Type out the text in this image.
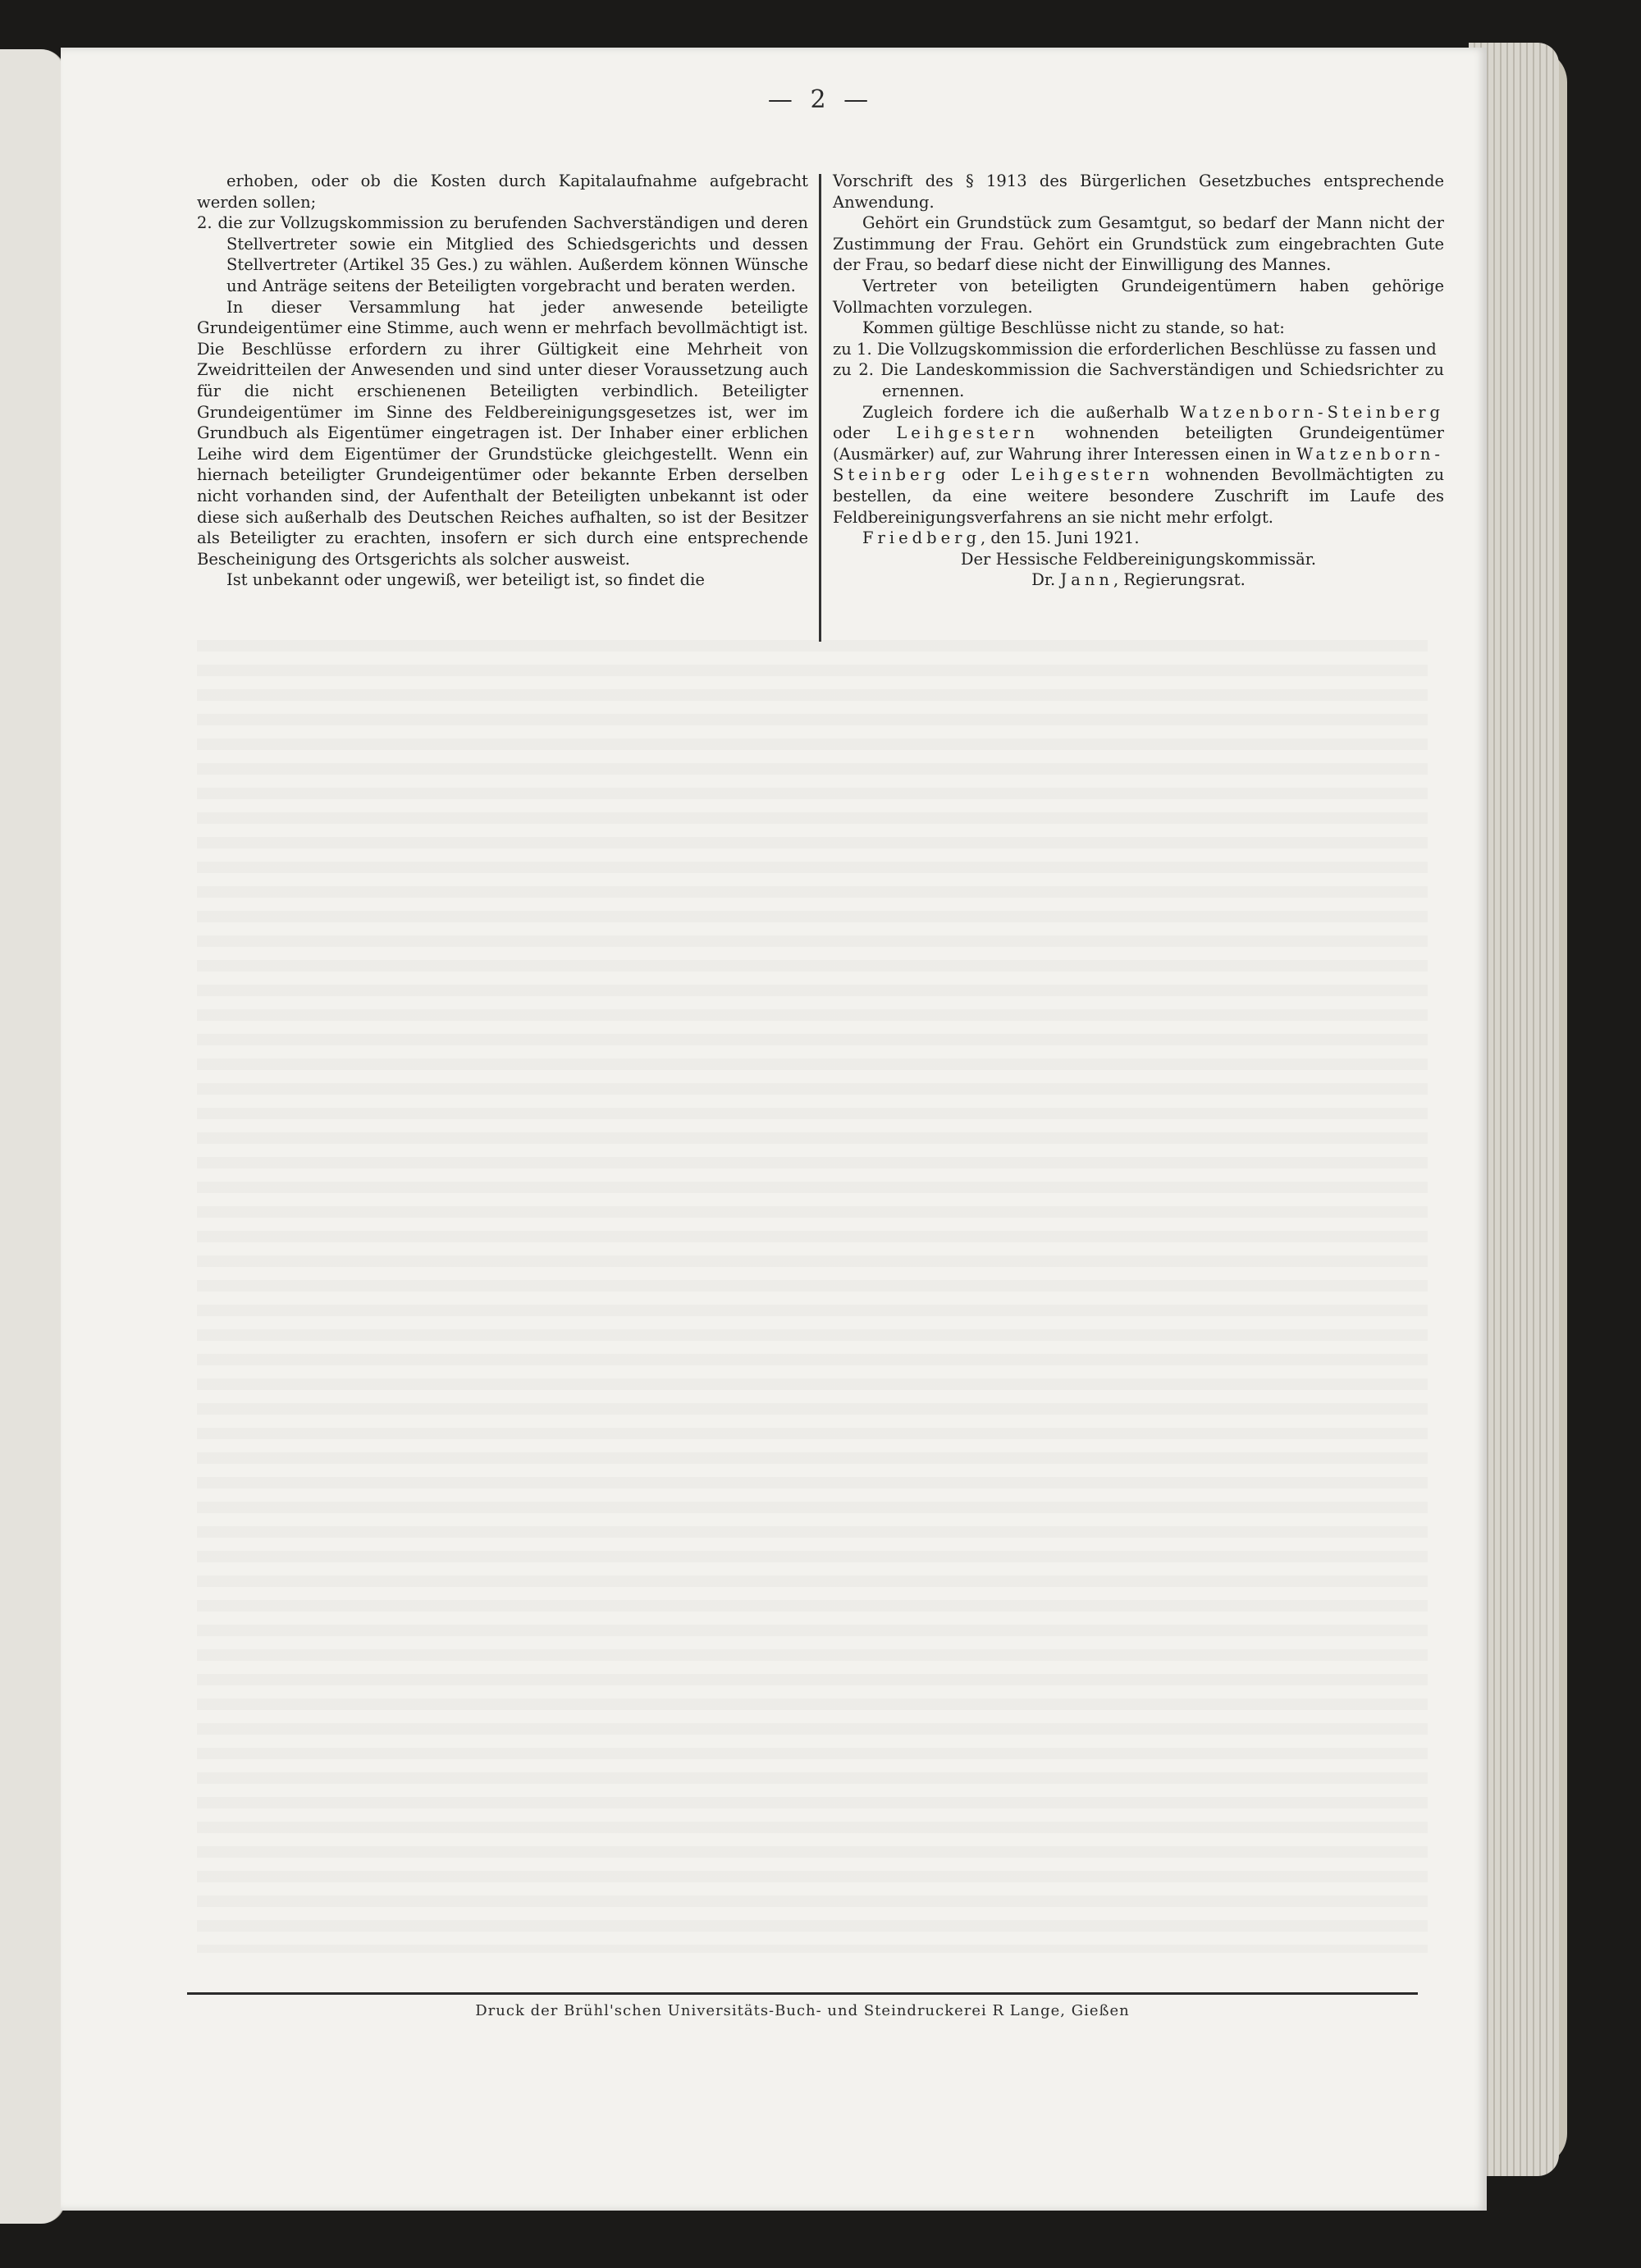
— 2 —

erhoben, oder ob die Kosten durch Kapitalaufnahme aufgebracht werden sollen;

2. die zur Vollzugskommission zu berufenden Sachverständigen und deren Stellvertreter sowie ein Mitglied des Schiedsgerichts und dessen Stellvertreter (Artikel 35 Ges.) zu wählen. Außerdem können Wünsche und Anträge seitens der Beteiligten vorgebracht und beraten werden.

In dieser Versammlung hat jeder anwesende beteiligte Grundeigentümer eine Stimme, auch wenn er mehrfach bevollmächtigt ist. Die Beschlüsse erfordern zu ihrer Gültigkeit eine Mehrheit von Zweidritteilen der Anwesenden und sind unter dieser Voraussetzung auch für die nicht erschienenen Beteiligten verbindlich. Beteiligter Grundeigentümer im Sinne des Feldbereinigungsgesetzes ist, wer im Grundbuch als Eigentümer eingetragen ist. Der Inhaber einer erblichen Leihe wird dem Eigentümer der Grundstücke gleichgestellt. Wenn ein hiernach beteiligter Grundeigentümer oder bekannte Erben derselben nicht vorhanden sind, der Aufenthalt der Beteiligten unbekannt ist oder diese sich außerhalb des Deutschen Reiches aufhalten, so ist der Besitzer als Beteiligter zu erachten, insofern er sich durch eine entsprechende Bescheinigung des Ortsgerichts als solcher ausweist.

Ist unbekannt oder ungewiß, wer beteiligt ist, so findet die

Vorschrift des § 1913 des Bürgerlichen Gesetzbuches entsprechende Anwendung.

Gehört ein Grundstück zum Gesamtgut, so bedarf der Mann nicht der Zustimmung der Frau. Gehört ein Grundstück zum eingebrachten Gute der Frau, so bedarf diese nicht der Einwilligung des Mannes.

Vertreter von beteiligten Grundeigentümern haben gehörige Vollmachten vorzulegen.

Kommen gültige Beschlüsse nicht zu stande, so hat:

zu 1. Die Vollzugskommission die erforderlichen Beschlüsse zu fassen und

zu 2. Die Landeskommission die Sachverständigen und Schiedsrichter zu ernennen.

Zugleich fordere ich die außerhalb Watzenborn-Steinberg oder Leihgestern wohnenden beteiligten Grundeigentümer (Ausmärker) auf, zur Wahrung ihrer Interessen einen in Watzenborn-Steinberg oder Leihgestern wohnenden Bevollmächtigten zu bestellen, da eine weitere besondere Zuschrift im Laufe des Feldbereinigungsverfahrens an sie nicht mehr erfolgt.

Friedberg, den 15. Juni 1921.

Der Hessische Feldbereinigungskommissär.

Dr. Jann, Regierungsrat.

Druck der Brühl'schen Universitäts-Buch- und Steindruckerei R Lange, Gießen
